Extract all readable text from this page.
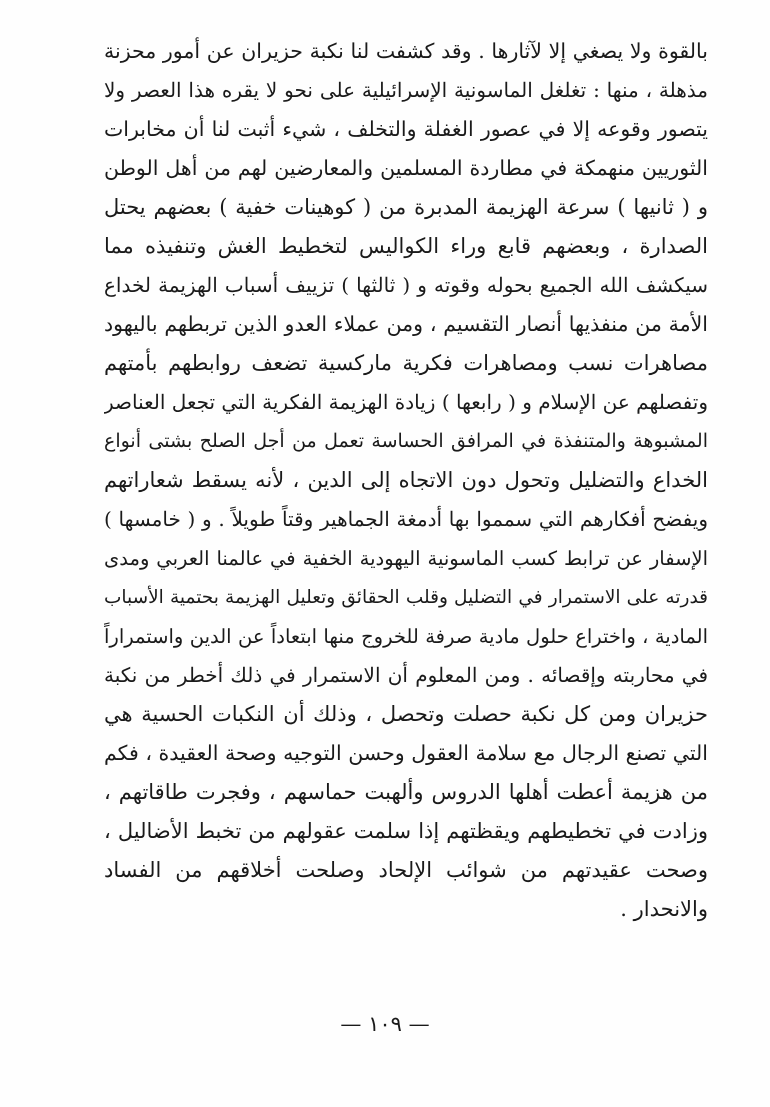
بالقوة ولا يصغي إلا لآثارها . وقد كشفت لنا نكبة حزيران عن أمور محزنة
مذهلة ، منها : تغلغل الماسونية الإسرائيلية على نحو لا يقره هذا العصر ولا
يتصور وقوعه إلا في عصور الغفلة والتخلف ، شيء أثبت لنا أن مخابرات
الثوريين منهمكة في مطاردة المسلمين والمعارضين لهم من أهل الوطن
و ( ثانيها ) سرعة الهزيمة المدبرة من ( كوهينات خفية ) بعضهم يحتل
الصدارة ، وبعضهم قابع وراء الكواليس لتخطيط الغش وتنفيذه مما
سيكشف الله الجميع بحوله وقوته و ( ثالثها ) تزييف أسباب الهزيمة لخداع
الأمة من منفذيها أنصار التقسيم ، ومن عملاء العدو الذين تربطهم باليهود
مصاهرات نسب ومصاهرات فكرية ماركسية تضعف روابطهم بأمتهم
وتفصلهم عن الإسلام و ( رابعها ) زيادة الهزيمة الفكرية التي تجعل العناصر
المشبوهة والمتنفذة في المرافق الحساسة تعمل من أجل الصلح بشتى أنواع
الخداع والتضليل وتحول دون الاتجاه إلى الدين ، لأنه يسقط شعاراتهم
ويفضح أفكارهم التي سمموا بها أدمغة الجماهير وقتاً طويلاً . و ( خامسها )
الإسفار عن ترابط كسب الماسونية اليهودية الخفية في عالمنا العربي ومدى
قدرته على الاستمرار في التضليل وقلب الحقائق وتعليل الهزيمة بحتمية الأسباب
المادية ، واختراع حلول مادية صرفة للخروج منها ابتعاداً عن الدين واستمراراً
في محاربته وإقصائه . ومن المعلوم أن الاستمرار في ذلك أخطر من نكبة
حزيران ومن كل نكبة حصلت وتحصل ، وذلك أن النكبات الحسية هي
التي تصنع الرجال مع سلامة العقول وحسن التوجيه وصحة العقيدة ، فكم
من هزيمة أعطت أهلها الدروس وألهبت حماسهم ، وفجرت طاقاتهم ،
وزادت في تخطيطهم ويقظتهم إذا سلمت عقولهم من تخبط الأضاليل ،
وصحت عقيدتهم من شوائب الإلحاد وصلحت أخلاقهم من الفساد
والانحدار .
— ١٠٩ —
